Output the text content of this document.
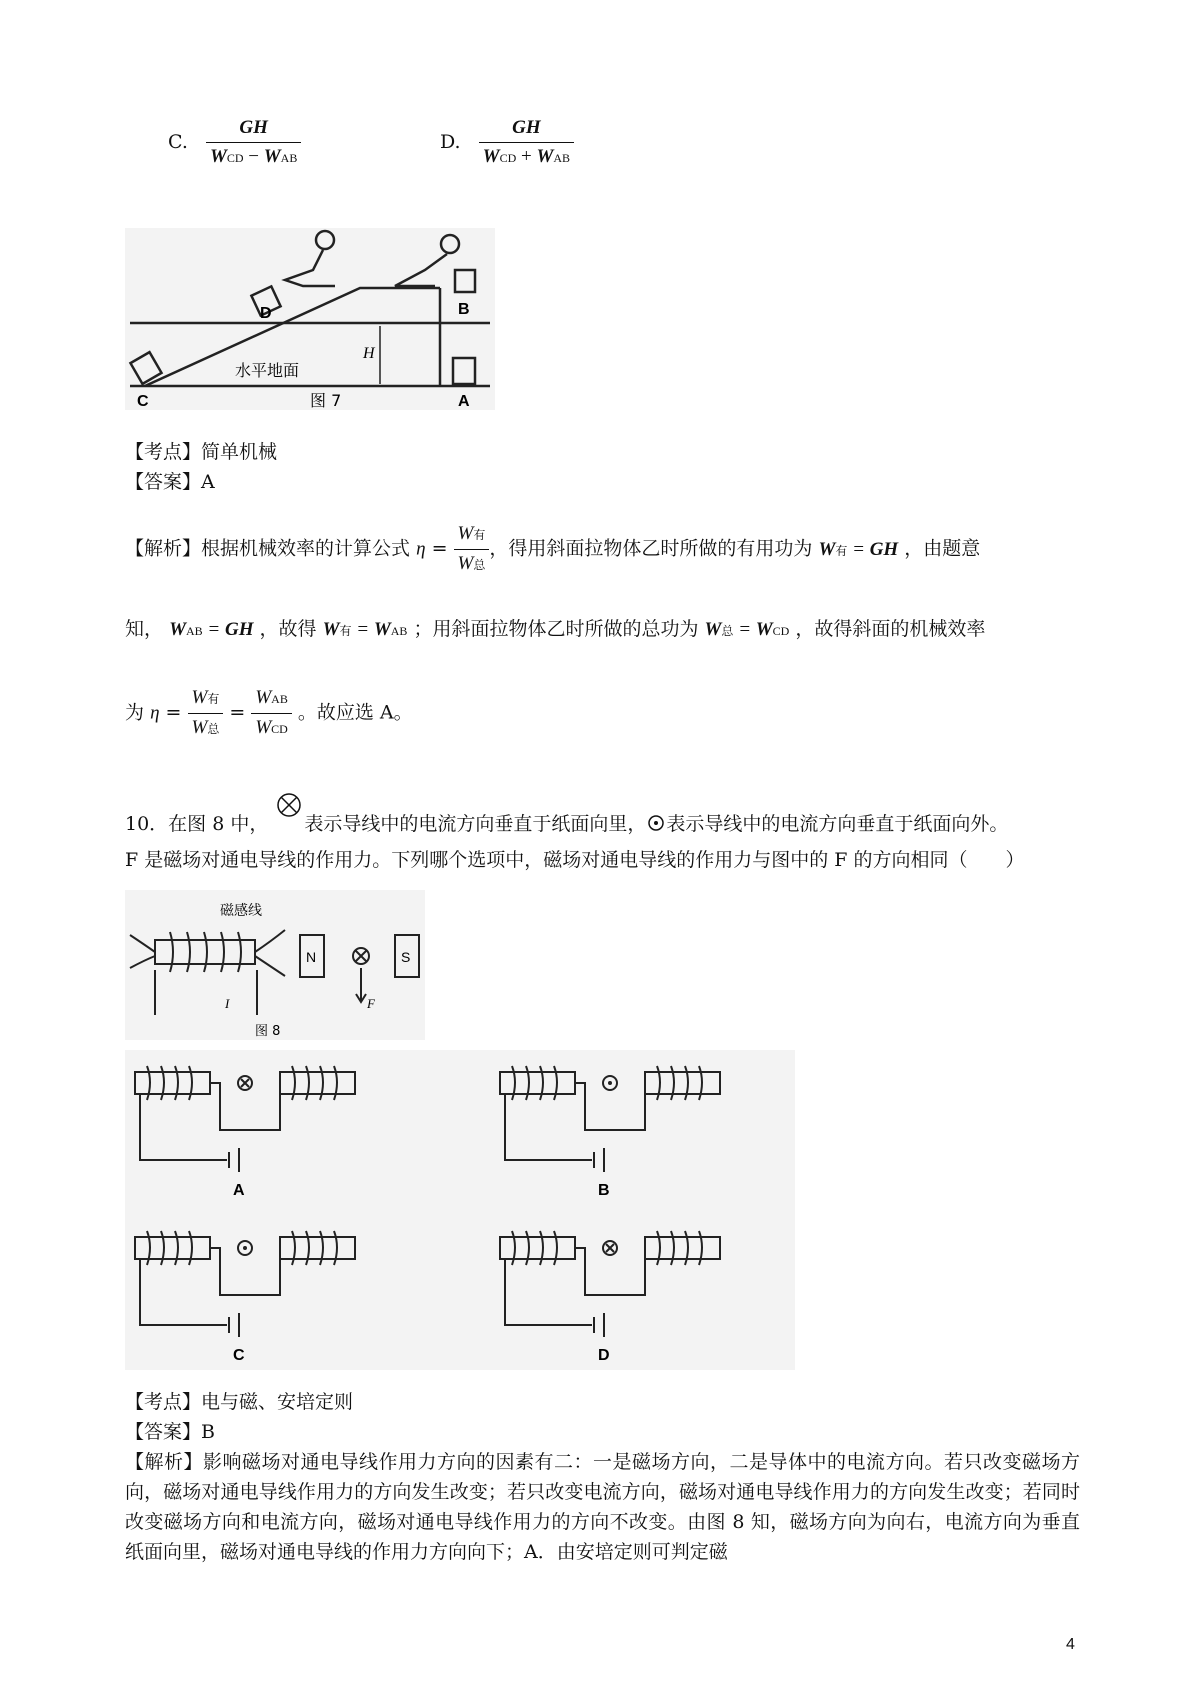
C. $\frac{GH}{\text{WCD − WAB}}$	D. $\frac{GH}{\text{WCD + WAB}}$
D
C
B
A
H
水平地面
图 7
【考点】简单机械
【答案】A
【解析】根据机械效率的计算公式 $\eta = \frac{\text{W有}}{\text{W总}}$ ，得用斜面拉物体乙时所做的有用功为 W有 = GH ，由题意
知， WAB = GH ，故得 W有 = WAB ；用斜面拉物体乙时所做的总功为 W总 = WCD ，故得斜面的机械效率
为 $\eta = \frac{\text{W有}}{\text{W总}} = \frac{\text{WAB}}{\text{WCD}}$ 。故应选 A。
10．在图 8 中， 表示导线中的电流方向垂直于纸面向里， 表示导线中的电流方向垂直于纸面向外。
F 是磁场对通电导线的作用力。下列哪个选项中，磁场对通电导线的作用力与图中的 F 的方向相同（　　）
磁感线
N	S
F
I
图 8
A	B
C	D
【考点】电与磁、安培定则
【答案】B
【解析】影响磁场对通电导线作用力方向的因素有二：一是磁场方向，二是导体中的电流方向。若只改变磁场方向，磁场对通电导线作用力的方向发生改变；若只改变电流方向，磁场对通电导线作用力的方向发生改变；若同时改变磁场方向和电流方向，磁场对通电导线作用力的方向不改变。由图 8 知，磁场方向为向右，电流方向为垂直纸面向里，磁场对通电导线的作用力方向向下；A．由安培定则可判定磁
4
